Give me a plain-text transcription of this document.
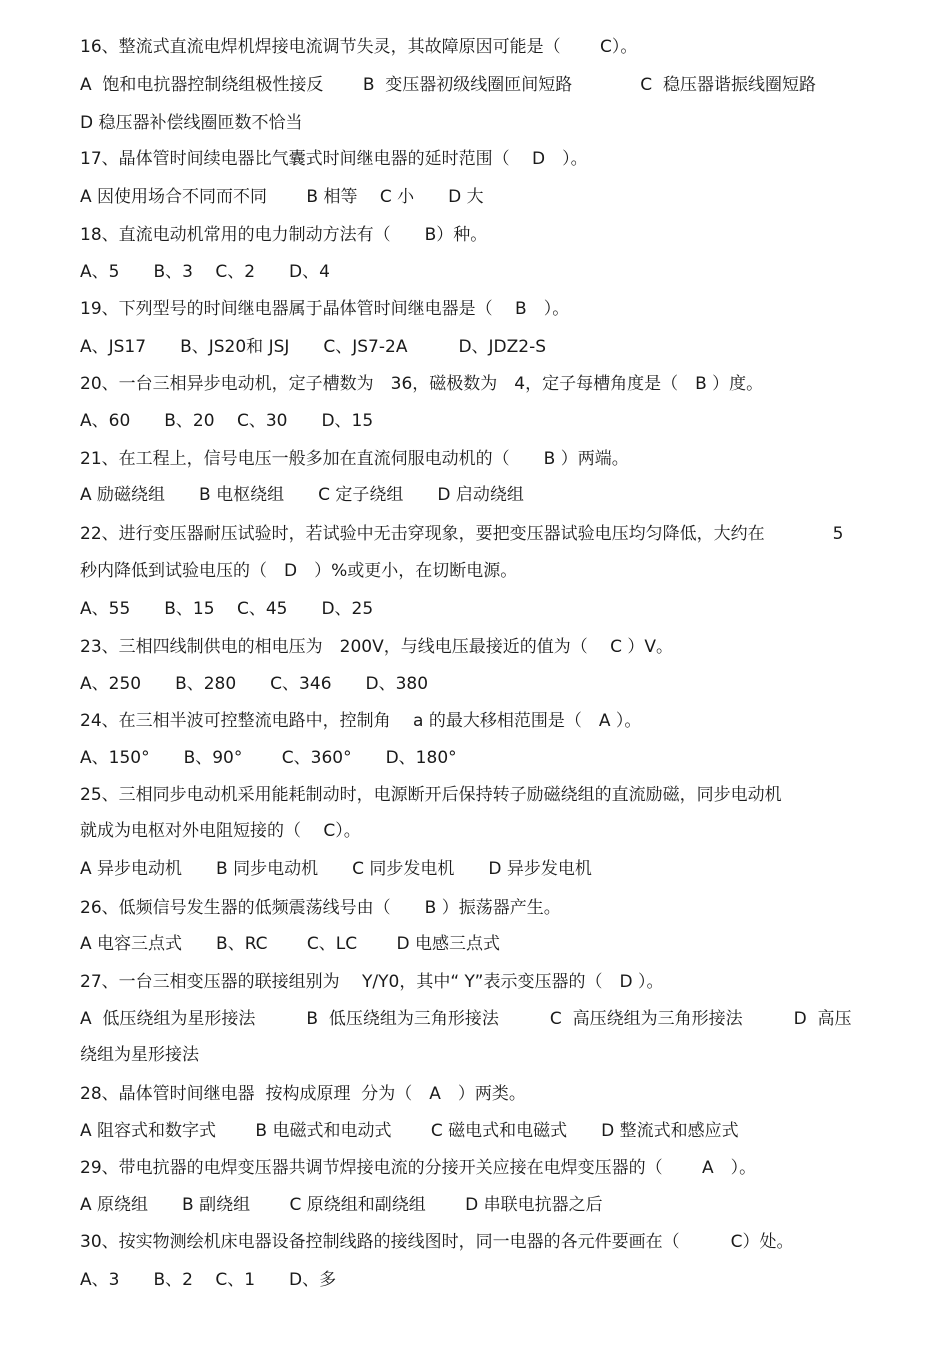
16、整流式直流电焊机焊接电流调节失灵，其故障原因可能是（　　 C）。
A  饱和电抗器控制绕组极性接反　　 B  变压器初级线圈匝间短路　　　　C  稳压器谐振线圈短路
D 稳压器补偿线圈匝数不恰当
17、晶体管时间续电器比气囊式时间继电器的延时范围（　 D　）。
A 因使用场合不同而不同　　 B 相等　 C 小　　D 大
18、直流电动机常用的电力制动方法有（　　B）种。
A、5　　B、3　 C、2　　D、4
19、下列型号的时间继电器属于晶体管时间继电器是（　 B　）。
A、JS17　　B、JS20和 JSJ　　C、JS7-2A　　　D、JDZ2-S
20、一台三相异步电动机，定子槽数为　36，磁极数为　4，定子每槽角度是（　B ）度。
A、60　　B、20　 C、30　　D、15
21、在工程上，信号电压一般多加在直流伺服电动机的（　　B ）两端。
A 励磁绕组　　B 电枢绕组　　C 定子绕组　　D 启动绕组
22、进行变压器耐压试验时，若试验中无击穿现象，要把变压器试验电压均匀降低，大约在　　　　5
秒内降低到试验电压的（　D　）%或更小，在切断电源。
A、55　　B、15　 C、45　　D、25
23、三相四线制供电的相电压为　200V，与线电压最接近的值为（　 C ）V。
A、250　　B、280　　C、346　　D、380
24、在三相半波可控整流电路中，控制角　 a 的最大移相范围是（　A ）。
A、150°　　B、90°　　 C、360°　　D、180°
25、三相同步电动机采用能耗制动时，电源断开后保持转子励磁绕组的直流励磁，同步电动机
就成为电枢对外电阻短接的（　 C）。
A 异步电动机　　B 同步电动机　　C 同步发电机　　D 异步发电机
26、低频信号发生器的低频震荡线号由（　　B ）振荡器产生。
A 电容三点式　　B、RC　　 C、LC　　 D 电感三点式
27、一台三相变压器的联接组别为　 Y/Y0，其中“ Y”表示变压器的（　D ）。
A  低压绕组为星形接法　　　B  低压绕组为三角形接法　　　C  高压绕组为三角形接法　　　D  高压
绕组为星形接法
28、晶体管时间继电器  按构成原理  分为（　A　）两类。
A 阻容式和数字式　　 B 电磁式和电动式　　 C 磁电式和电磁式　　D 整流式和感应式
29、带电抗器的电焊变压器共调节焊接电流的分接开关应接在电焊变压器的（　　 A　）。
A 原绕组　　B 副绕组　　 C 原绕组和副绕组　　 D 串联电抗器之后
30、按实物测绘机床电器设备控制线路的接线图时，同一电器的各元件要画在（　　　C）处。
A、3　　B、2　 C、1　　D、多
